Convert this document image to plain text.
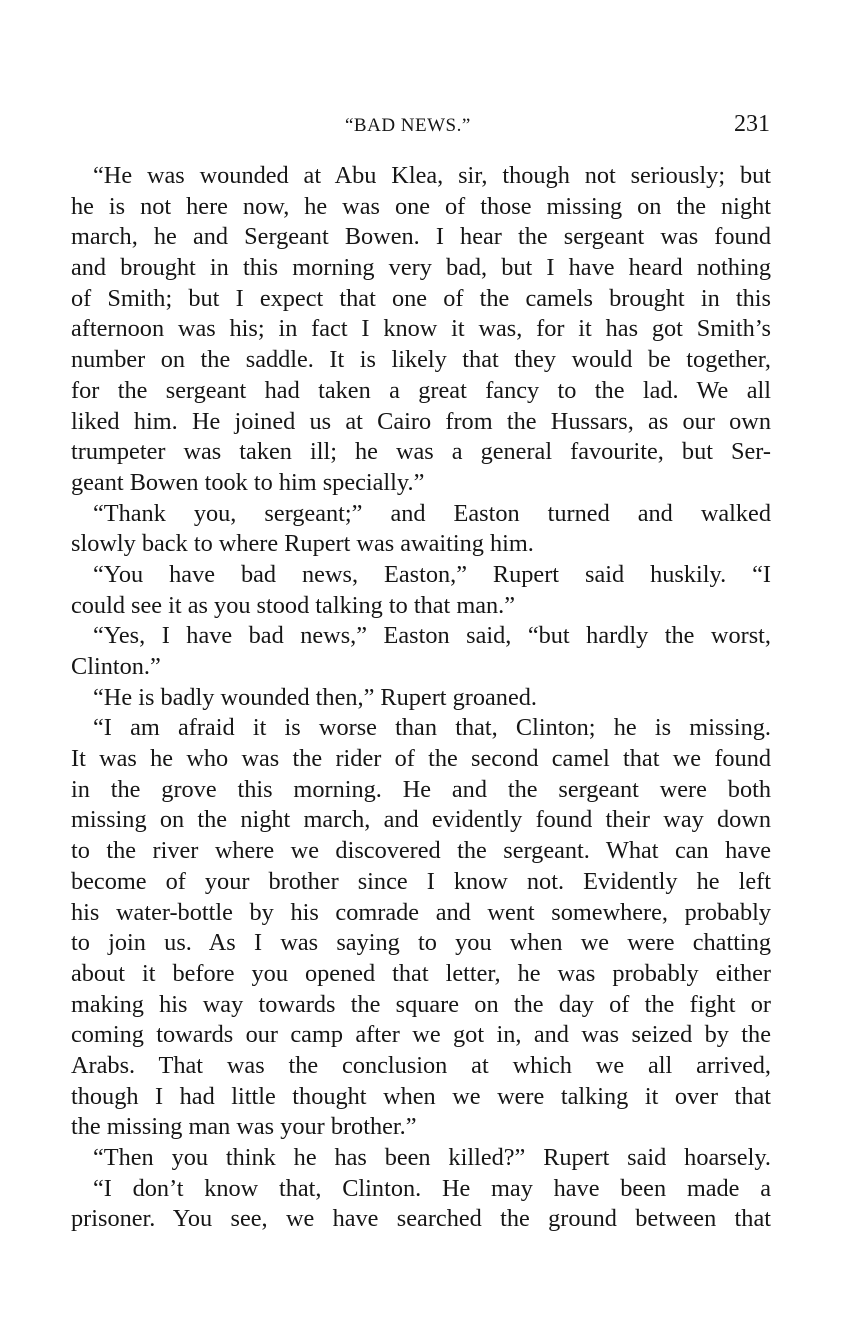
“BAD NEWS.”	231
“He was wounded at Abu Klea, sir, though not seriously; but
he is not here now, he was one of those missing on the night
march, he and Sergeant Bowen. I hear the sergeant was found
and brought in this morning very bad, but I have heard nothing
of Smith; but I expect that one of the camels brought in this
afternoon was his; in fact I know it was, for it has got Smith’s
number on the saddle. It is likely that they would be together,
for the sergeant had taken a great fancy to the lad. We all
liked him. He joined us at Cairo from the Hussars, as our own
trumpeter was taken ill; he was a general favourite, but Ser-
geant Bowen took to him specially.”
“Thank you, sergeant;” and Easton turned and walked
slowly back to where Rupert was awaiting him.
“You have bad news, Easton,” Rupert said huskily. “I
could see it as you stood talking to that man.”
“Yes, I have bad news,” Easton said, “but hardly the worst,
Clinton.”
“He is badly wounded then,” Rupert groaned.
“I am afraid it is worse than that, Clinton; he is missing.
It was he who was the rider of the second camel that we found
in the grove this morning. He and the sergeant were both
missing on the night march, and evidently found their way down
to the river where we discovered the sergeant. What can have
become of your brother since I know not. Evidently he left
his water-bottle by his comrade and went somewhere, probably
to join us. As I was saying to you when we were chatting
about it before you opened that letter, he was probably either
making his way towards the square on the day of the fight or
coming towards our camp after we got in, and was seized by the
Arabs. That was the conclusion at which we all arrived,
though I had little thought when we were talking it over that
the missing man was your brother.”
“Then you think he has been killed?” Rupert said hoarsely.
“I don’t know that, Clinton. He may have been made a
prisoner. You see, we have searched the ground between that
